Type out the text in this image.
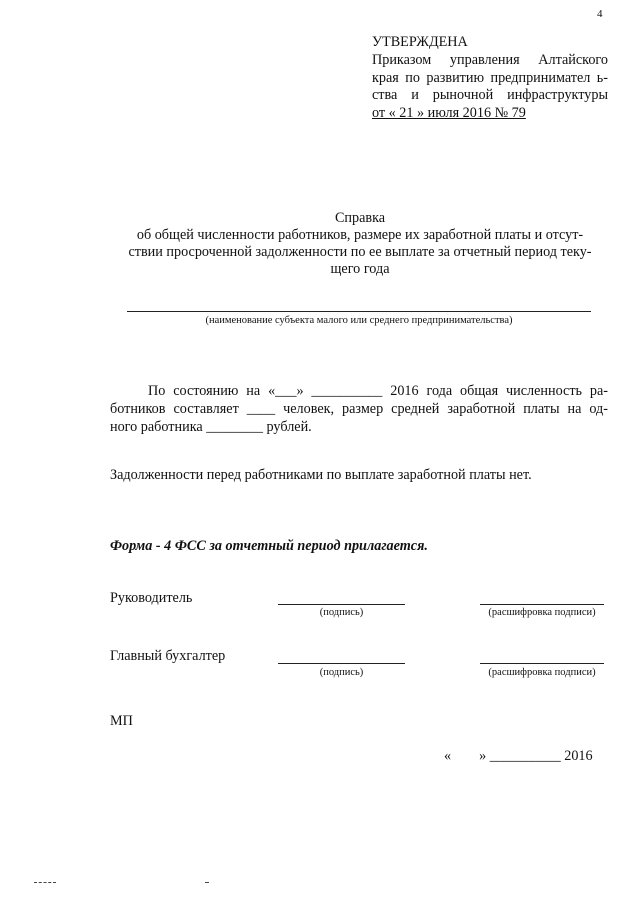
4
УТВЕРЖДЕНА
Приказом управления Алтайского
края по развитию предпринимател ь-
ства и рыночной инфраструктуры
от « 21 » июля 2016 № 79
Справка
об общей численности работников, размере их заработной платы и отсут-
ствии просроченной задолженности по ее выплате за отчетный период теку-
щего года
(наименование субъекта малого или среднего предпринимательства)
По состоянию на «___» __________ 2016 года общая численность ра-
ботников составляет ____ человек, размер средней заработной платы на од-
ного работника ________ рублей.
Задолженности перед работниками по выплате заработной платы нет.
Форма - 4 ФСС за отчетный период прилагается.
Руководитель
(подпись)	(расшифровка подписи)
Главный бухгалтер
(подпись)	(расшифровка подписи)
МП
« » __________ 2016
